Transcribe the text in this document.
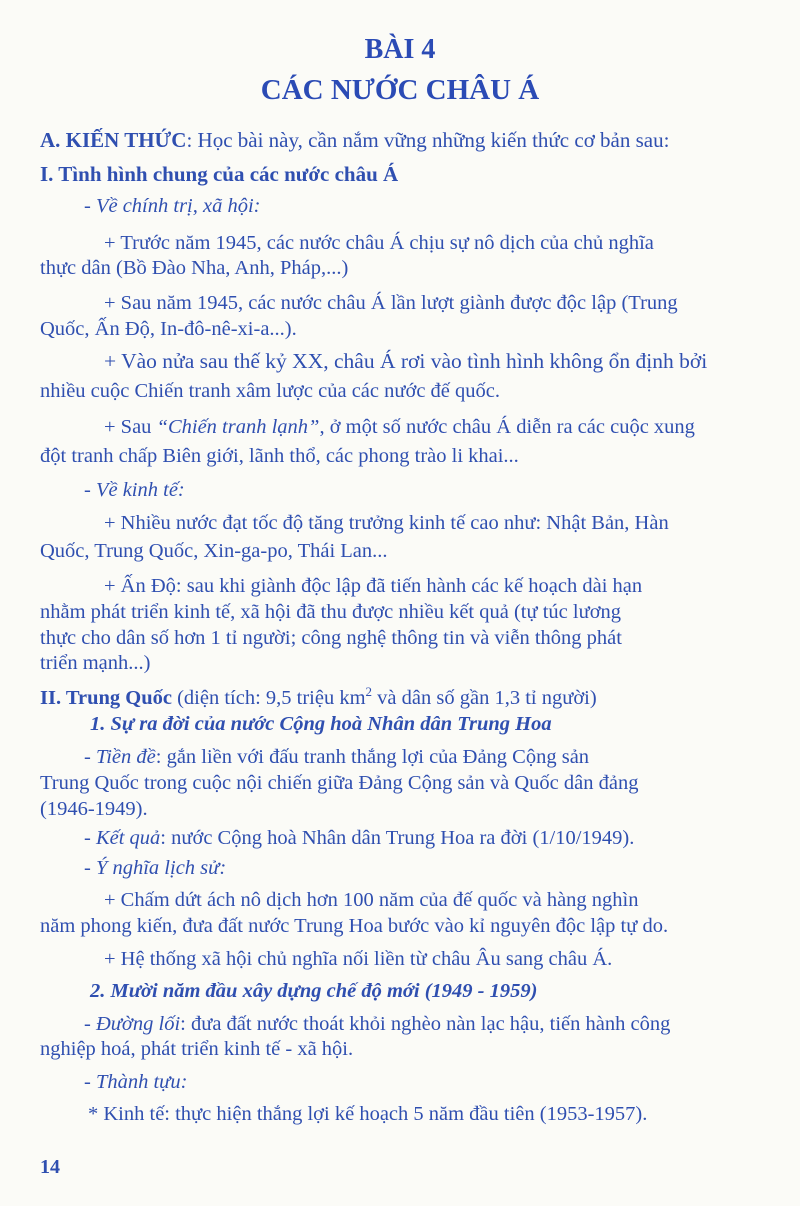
BÀI 4
CÁC NƯỚC CHÂU Á
A. KIẾN THỨC: Học bài này, cần nắm vững những kiến thức cơ bản sau:
I. Tình hình chung của các nước châu Á
- Về chính trị, xã hội:
+ Trước năm 1945, các nước châu Á chịu sự nô dịch của chủ nghĩa
thực dân (Bồ Đào Nha, Anh, Pháp,...)
+ Sau năm 1945, các nước châu Á lần lượt giành được độc lập (Trung
Quốc, Ấn Độ, In-đô-nê-xi-a...).
+ Vào nửa sau thế kỷ XX, châu Á rơi vào tình hình không ổn định bởi
nhiều cuộc Chiến tranh xâm lược của các nước đế quốc.
+ Sau “Chiến tranh lạnh”, ở một số nước châu Á diễn ra các cuộc xung
đột tranh chấp Biên giới, lãnh thổ, các phong trào li khai...
- Về kinh tế:
+ Nhiều nước đạt tốc độ tăng trưởng kinh tế cao như: Nhật Bản, Hàn
Quốc, Trung Quốc, Xin-ga-po, Thái Lan...
+ Ấn Độ: sau khi giành độc lập đã tiến hành các kế hoạch dài hạn
nhằm phát triển kinh tế, xã hội đã thu được nhiều kết quả (tự túc lương
thực cho dân số hơn 1 tỉ người; công nghệ thông tin và viễn thông phát
triển mạnh...)
II. Trung Quốc (diện tích: 9,5 triệu $km^2$ và dân số gần 1,3 tỉ người)
1. Sự ra đời của nước Cộng hoà Nhân dân Trung Hoa
- Tiền đề: gắn liền với đấu tranh thắng lợi của Đảng Cộng sản
Trung Quốc trong cuộc nội chiến giữa Đảng Cộng sản và Quốc dân đảng
(1946-1949).
- Kết quả: nước Cộng hoà Nhân dân Trung Hoa ra đời (1/10/1949).
- Ý nghĩa lịch sử:
+ Chấm dứt ách nô dịch hơn 100 năm của đế quốc và hàng nghìn
năm phong kiến, đưa đất nước Trung Hoa bước vào kỉ nguyên độc lập tự do.
+ Hệ thống xã hội chủ nghĩa nối liền từ châu Âu sang châu Á.
2. Mười năm đầu xây dựng chế độ mới (1949 - 1959)
- Đường lối: đưa đất nước thoát khỏi nghèo nàn lạc hậu, tiến hành công
nghiệp hoá, phát triển kinh tế - xã hội.
- Thành tựu:
* Kinh tế: thực hiện thắng lợi kế hoạch 5 năm đầu tiên (1953-1957).
14
